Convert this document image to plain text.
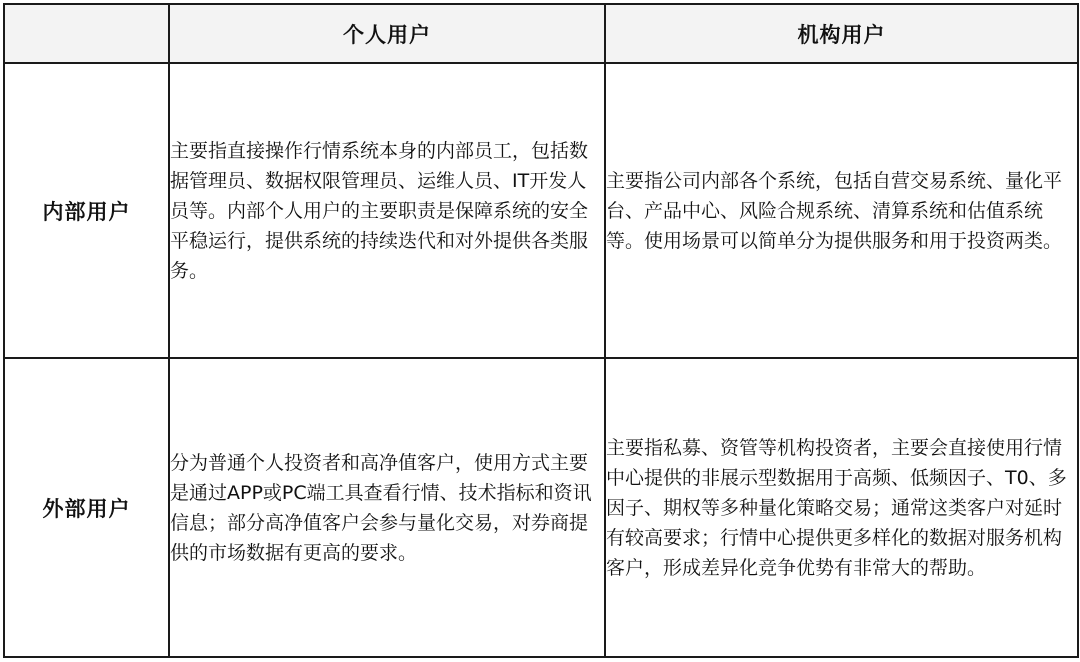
	个人用户	机构用户
内部用户	主要指直接操作行情系统本身的内部员工，包括数据管理员、数据权限管理员、运维人员、IT开发人员等。内部个人用户的主要职责是保障系统的安全平稳运行，提供系统的持续迭代和对外提供各类服务。	主要指公司内部各个系统，包括自营交易系统、量化平台、产品中心、风险合规系统、清算系统和估值系统等。使用场景可以简单分为提供服务和用于投资两类。
外部用户	分为普通个人投资者和高净值客户，使用方式主要是通过APP或PC端工具查看行情、技术指标和资讯信息；部分高净值客户会参与量化交易，对券商提供的市场数据有更高的要求。	主要指私募、资管等机构投资者，主要会直接使用行情中心提供的非展示型数据用于高频、低频因子、T0、多因子、期权等多种量化策略交易；通常这类客户对延时有较高要求；行情中心提供更多样化的数据对服务机构客户，形成差异化竞争优势有非常大的帮助。
